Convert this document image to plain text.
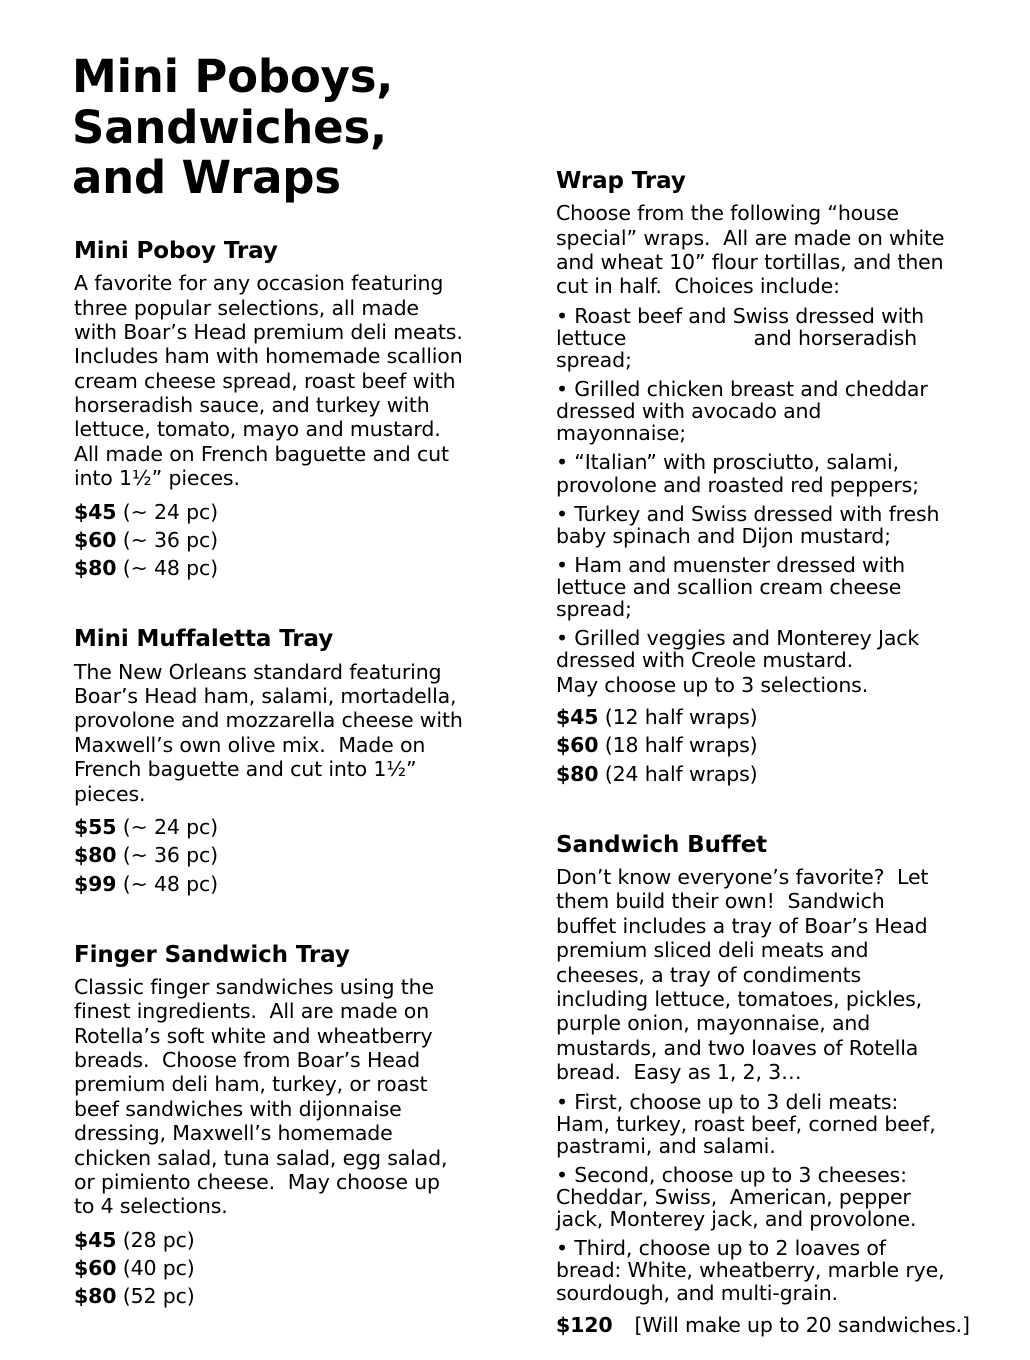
Mini Poboys,
Sandwiches,
and Wraps
Mini Poboy Tray

A favorite for any occasion featuring three popular selections, all made with Boar’s Head premium deli meats.  Includes ham with homemade scallion cream cheese spread, roast beef with horseradish sauce, and turkey with lettuce, tomato, mayo and mustard.  All made on French baguette and cut into 1½” pieces.

$45 (~ 24 pc)
$60 (~ 36 pc)
$80 (~ 48 pc)
Mini Muffaletta Tray

The New Orleans standard featuring Boar’s Head ham, salami, mortadella, provolone and mozzarella cheese with Maxwell’s own olive mix.  Made on French baguette and cut into 1½” pieces.

$55 (~ 24 pc)
$80 (~ 36 pc)
$99 (~ 48 pc)
Finger Sandwich Tray

Classic finger sandwiches using the finest ingredients.  All are made on Rotella’s soft white and wheatberry breads.  Choose from Boar’s Head premium deli ham, turkey, or roast beef sandwiches with dijonnaise dressing, Maxwell’s homemade chicken salad, tuna salad, egg salad, or pimiento cheese.  May choose up to 4 selections.

$45 (28 pc)
$60 (40 pc)
$80 (52 pc)
Wrap Tray

Choose from the following “house special” wraps.  All are made on white and wheat 10” flour tortillas, and then cut in half.  Choices include:

• Roast beef and Swiss dressed with lettuce                    and horseradish spread;
• Grilled chicken breast and cheddar dressed with avocado and mayonnaise;
• “Italian” with prosciutto, salami, provolone and roasted red peppers;
• Turkey and Swiss dressed with fresh baby spinach and Dijon mustard;
• Ham and muenster dressed with lettuce and scallion cream cheese spread;
• Grilled veggies and Monterey Jack dressed with Creole mustard.

May choose up to 3 selections.

$45 (12 half wraps)
$60 (18 half wraps)
$80 (24 half wraps)
Sandwich Buffet

Don’t know everyone’s favorite?  Let them build their own!  Sandwich buffet includes a tray of Boar’s Head premium sliced deli meats and cheeses, a tray of condiments including lettuce, tomatoes, pickles, purple onion, mayonnaise, and mustards, and two loaves of Rotella bread.  Easy as 1, 2, 3…

• First, choose up to 3 deli meats: Ham, turkey, roast beef, corned beef, pastrami, and salami.
• Second, choose up to 3 cheeses: Cheddar, Swiss,  American, pepper jack, Monterey jack, and provolone.
• Third, choose up to 2 loaves of bread: White, wheatberry, marble rye, sourdough, and multi-grain.
$120 [Will make up to 20 sandwiches.]
